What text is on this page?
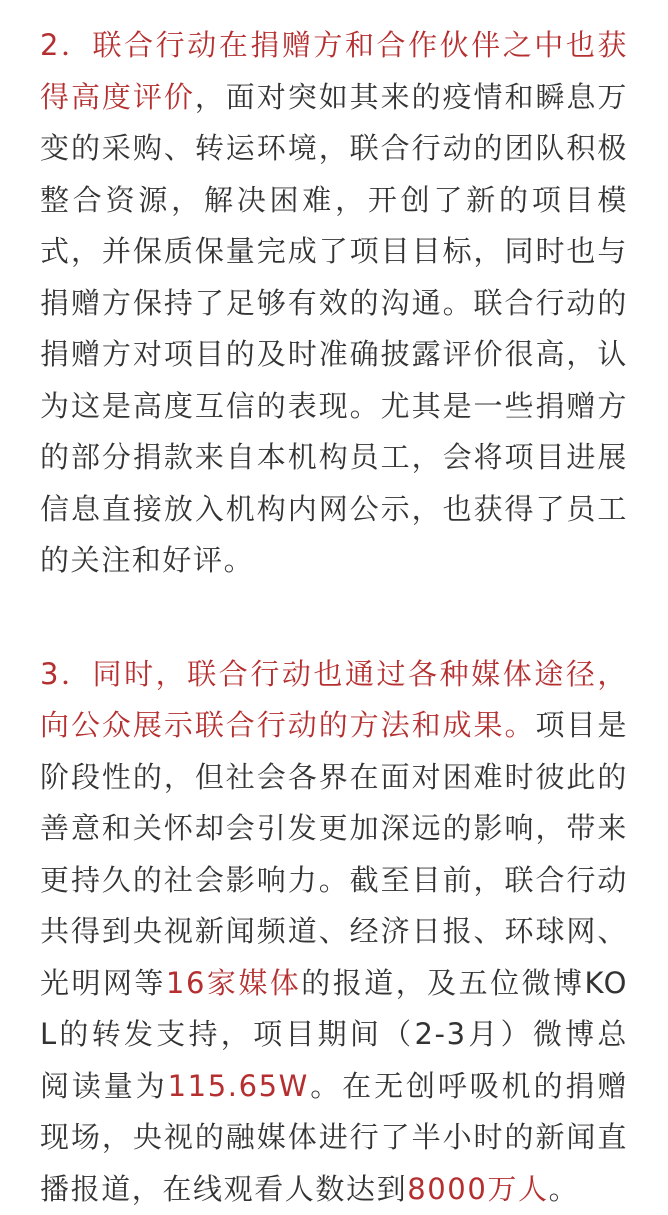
2．联合行动在捐赠方和合作伙伴之中也获得高度评价，面对突如其来的疫情和瞬息万变的采购、转运环境，联合行动的团队积极整合资源，解决困难，开创了新的项目模式，并保质保量完成了项目目标，同时也与捐赠方保持了足够有效的沟通。联合行动的捐赠方对项目的及时准确披露评价很高，认为这是高度互信的表现。尤其是一些捐赠方的部分捐款来自本机构员工，会将项目进展信息直接放入机构内网公示，也获得了员工的关注和好评。

3．同时，联合行动也通过各种媒体途径，向公众展示联合行动的方法和成果。项目是阶段性的，但社会各界在面对困难时彼此的善意和关怀却会引发更加深远的影响，带来更持久的社会影响力。截至目前，联合行动共得到央视新闻频道、经济日报、环球网、光明网等16家媒体的报道，及五位微博KOL的转发支持，项目期间（2-3月）微博总阅读量为115.65W。在无创呼吸机的捐赠现场，央视的融媒体进行了半小时的新闻直播报道，在线观看人数达到8000万人。
